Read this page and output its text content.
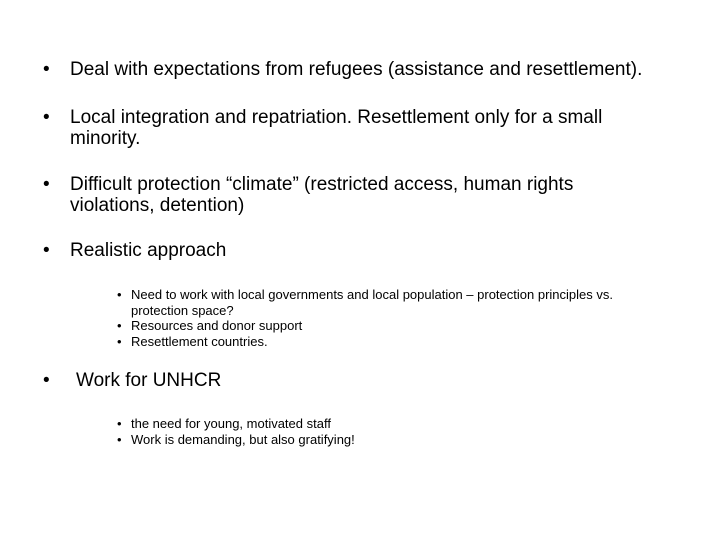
• Deal with expectations from refugees (assistance and resettlement).
• Local integration and repatriation. Resettlement only for a small
minority.
• Difficult protection “climate” (restricted access, human rights
violations, detention)
• Realistic approach
• Need to work with local governments and local population – protection principles vs.
protection space?
• Resources and donor support
• Resettlement countries.
• Work for UNHCR
• the need for young, motivated staff
• Work is demanding, but also gratifying!
